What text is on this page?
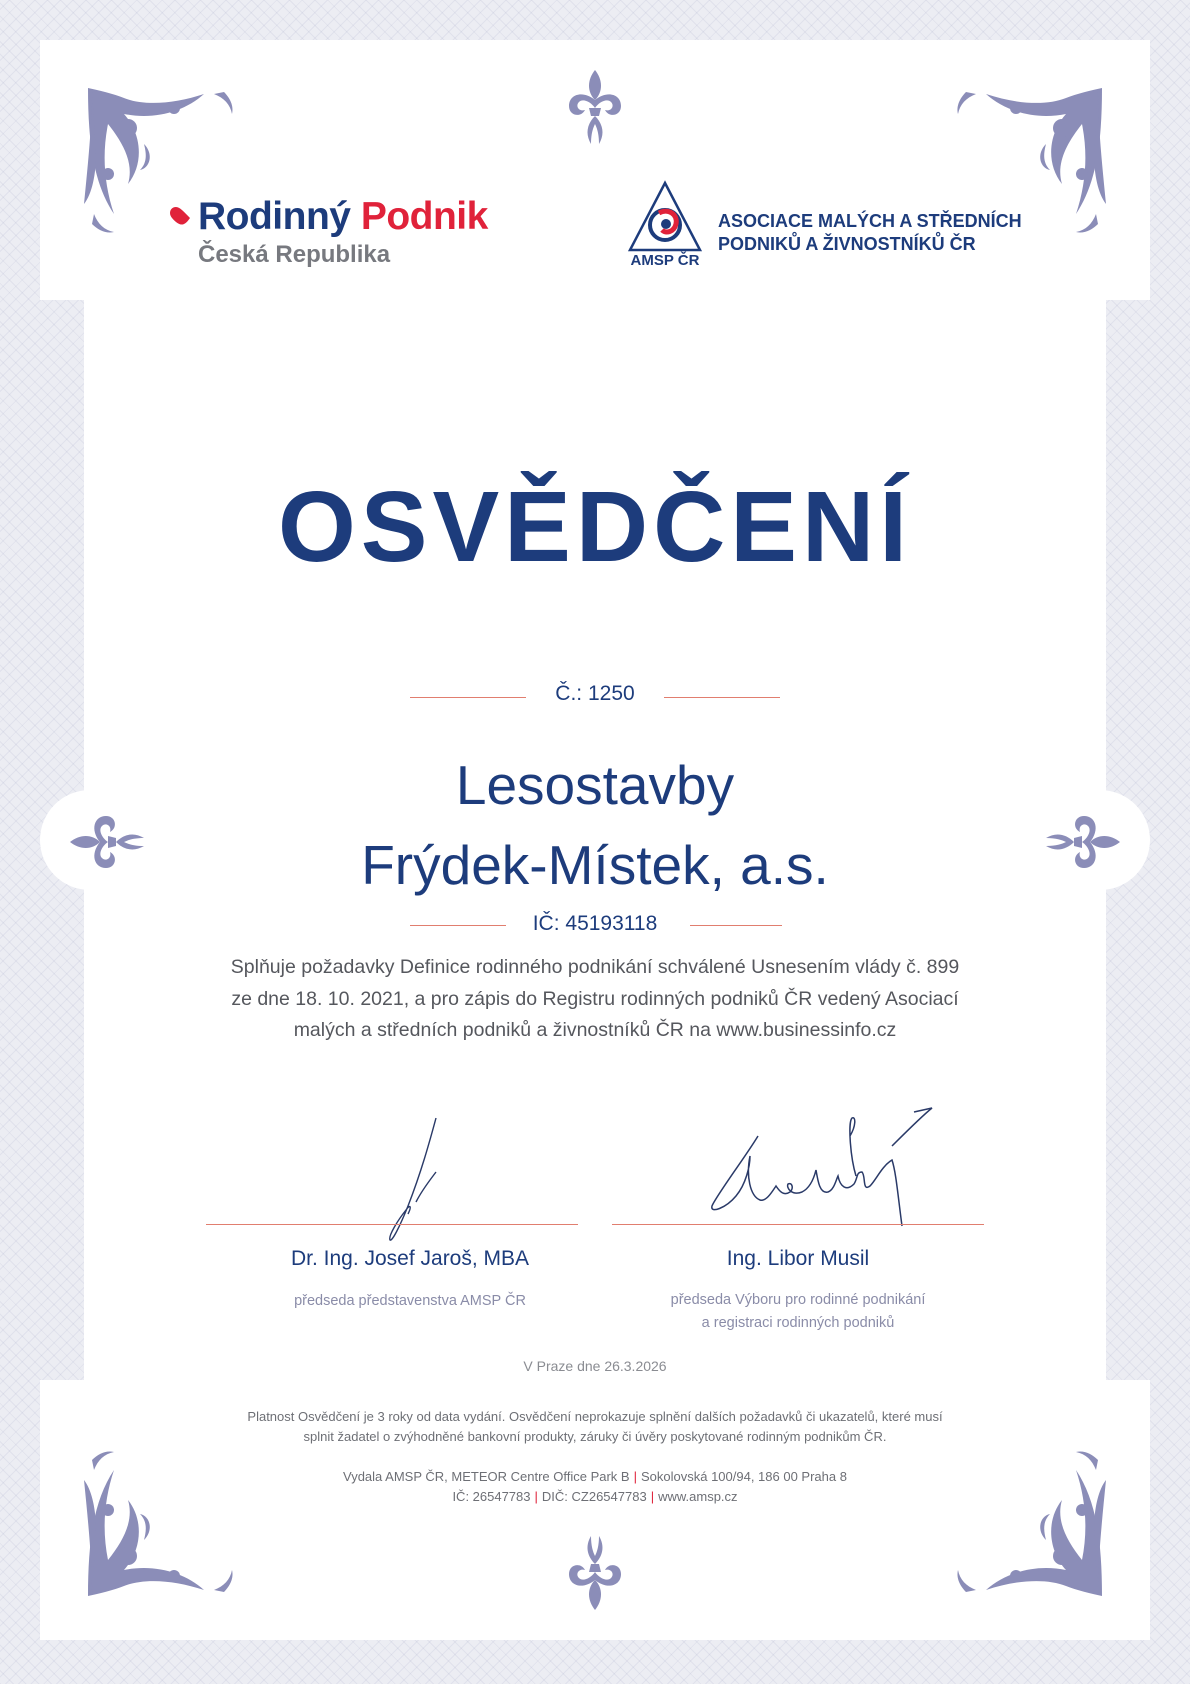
Rodinný Podnik
Česká Republika	AMSP ČR
ASOCIACE MALÝCH A STŘEDNÍCH
PODNIKŮ A ŽIVNOSTNÍKŮ ČR
OSVĚDČENÍ
Č.: 1250
Lesostavby
Frýdek-Místek, a.s.
IČ: 45193118
Splňuje požadavky Definice rodinného podnikání schválené Usnesením vlády č. 899
ze dne 18. 10. 2021, a pro zápis do Registru rodinných podniků ČR vedený Asociací
malých a středních podniků a živnostníků ČR na www.businessinfo.cz
Dr. Ing. Josef Jaroš, MBA
předseda představenstva AMSP ČR
Ing. Libor Musil
předseda Výboru pro rodinné podnikání
a registraci rodinných podniků
V Praze dne 26.3.2026
Platnost Osvědčení je 3 roky od data vydání. Osvědčení neprokazuje splnění dalších požadavků či ukazatelů, které musí
splnit žadatel o zvýhodněné bankovní produkty, záruky či úvěry poskytované rodinným podnikům ČR.
Vydala AMSP ČR, METEOR Centre Office Park B | Sokolovská 100/94, 186 00 Praha 8
IČ: 26547783 | DIČ: CZ26547783 | www.amsp.cz
